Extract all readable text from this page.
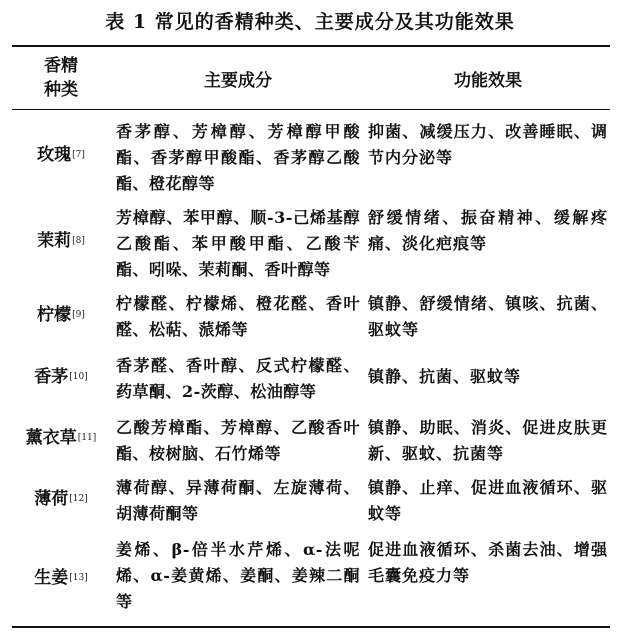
表 1 常见的香精种类、主要成分及其功能效果
香精种类	主要成分	功能效果
玫瑰 [7]
香茅醇、芳樟醇、芳樟醇甲酸酯、香茅醇甲酸酯、香茅醇乙酸酯、橙花醇等
抑菌、减缓压力、改善睡眠、调节内分泌等
茉莉 [8]
芳樟醇、苯甲醇、顺-3-己烯基醇乙酸酯、苯甲酸甲酯、乙酸苄酯、吲哚、茉莉酮、香叶醇等
舒缓情绪、振奋精神、缓解疼痛、淡化疤痕等
柠檬 [9]
柠檬醛、柠檬烯、橙花醛、香叶醛、松萜、蒎烯等
镇静、舒缓情绪、镇咳、抗菌、驱蚊等
香茅 [10]
香茅醛、香叶醇、反式柠檬醛、药草酮、2-茨醇、松油醇等
镇静、抗菌、驱蚊等
薰衣草 [11]
乙酸芳樟酯、芳樟醇、乙酸香叶酯、桉树脑、石竹烯等
镇静、助眠、消炎、促进皮肤更新、驱蚊、抗菌等
薄荷 [12]
薄荷醇、异薄荷酮、左旋薄荷、胡薄荷酮等
镇静、止痒、促进血液循环、驱蚊等
生姜 [13]
姜烯、β-倍半水芹烯、α-法呢烯、α-姜黄烯、姜酮、姜辣二酮等
促进血液循环、杀菌去油、增强毛囊免疫力等
